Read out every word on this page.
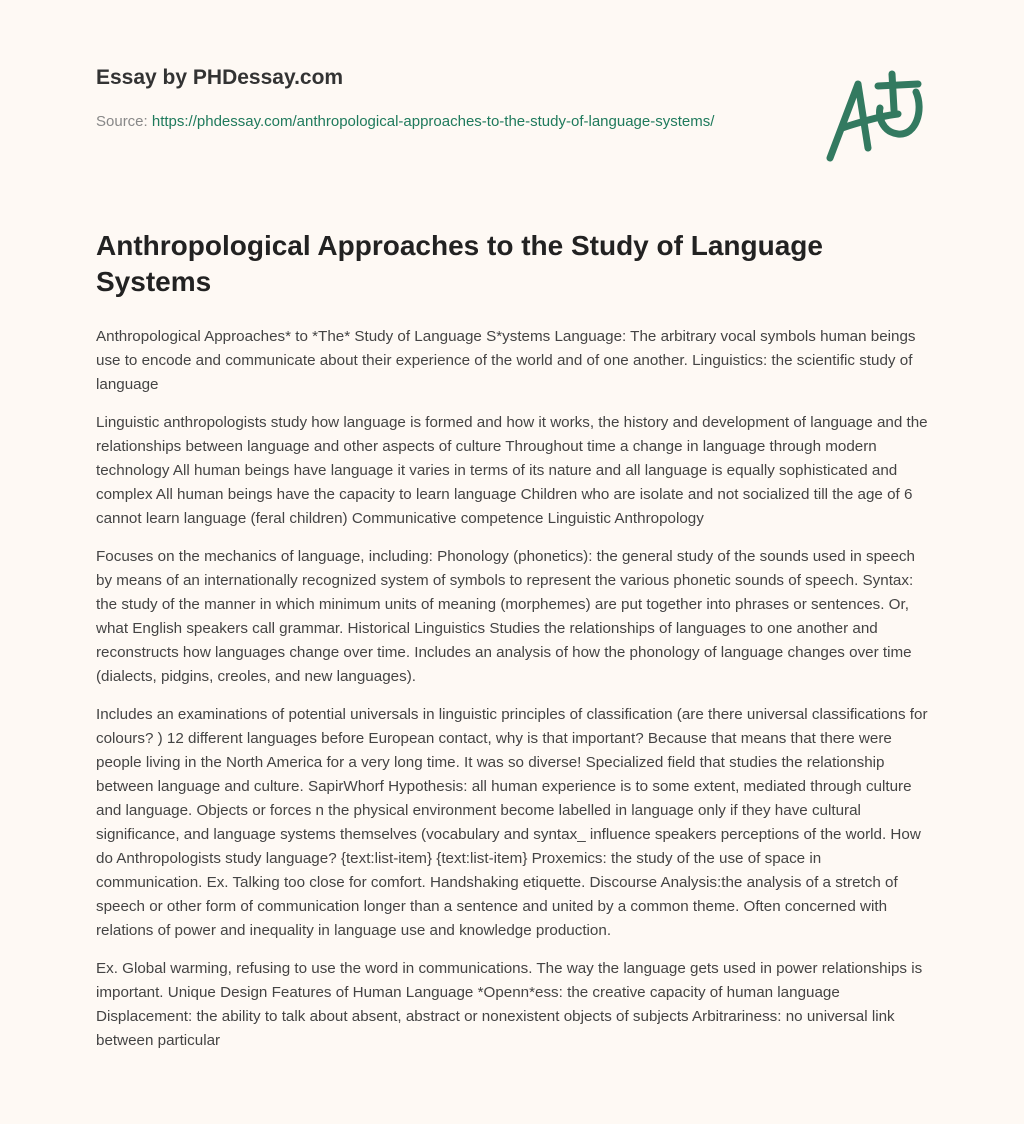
Essay by PHDessay.com
Source: https://phdessay.com/anthropological-approaches-to-the-study-of-language-systems/
Anthropological Approaches to the Study of Language Systems

Anthropological Approaches* to *The* Study of Language S*ystems Language: The arbitrary vocal symbols human beings use to encode and communicate about their experience of the world and of one another. Linguistics: the scientific study of language

Linguistic anthropologists study how language is formed and how it works, the history and development of language and the relationships between language and other aspects of culture Throughout time a change in language through modern technology All human beings have language it varies in terms of its nature and all language is equally sophisticated and complex All human beings have the capacity to learn language Children who are isolate and not socialized till the age of 6 cannot learn language (feral children) Communicative competence Linguistic Anthropology

Focuses on the mechanics of language, including: Phonology (phonetics): the general study of the sounds used in speech by means of an internationally recognized system of symbols to represent the various phonetic sounds of speech. Syntax: the study of the manner in which minimum units of meaning (morphemes) are put together into phrases or sentences. Or, what English speakers call grammar. Historical Linguistics Studies the relationships of languages to one another and reconstructs how languages change over time. Includes an analysis of how the phonology of language changes over time (dialects, pidgins, creoles, and new languages).

Includes an examinations of potential universals in linguistic principles of classification (are there universal classifications for colours? ) 12 different languages before European contact, why is that important? Because that means that there were people living in the North America for a very long time. It was so diverse! Specialized field that studies the relationship between language and culture. SapirWhorf Hypothesis: all human experience is to some extent, mediated through culture and language. Objects or forces n the physical environment become labelled in language only if they have cultural significance, and language systems themselves (vocabulary and syntax_ influence speakers perceptions of the world. How do Anthropologists study language? {text:list-item} {text:list-item} Proxemics: the study of the use of space in communication. Ex. Talking too close for comfort. Handshaking etiquette. Discourse Analysis:the analysis of a stretch of speech or other form of communication longer than a sentence and united by a common theme. Often concerned with relations of power and inequality in language use and knowledge production.

Ex. Global warming, refusing to use the word in communications. The way the language gets used in power relationships is important. Unique Design Features of Human Language *Openn*ess: the creative capacity of human language Displacement: the ability to talk about absent, abstract or nonexistent objects of subjects Arbitrariness: no universal link between particular
